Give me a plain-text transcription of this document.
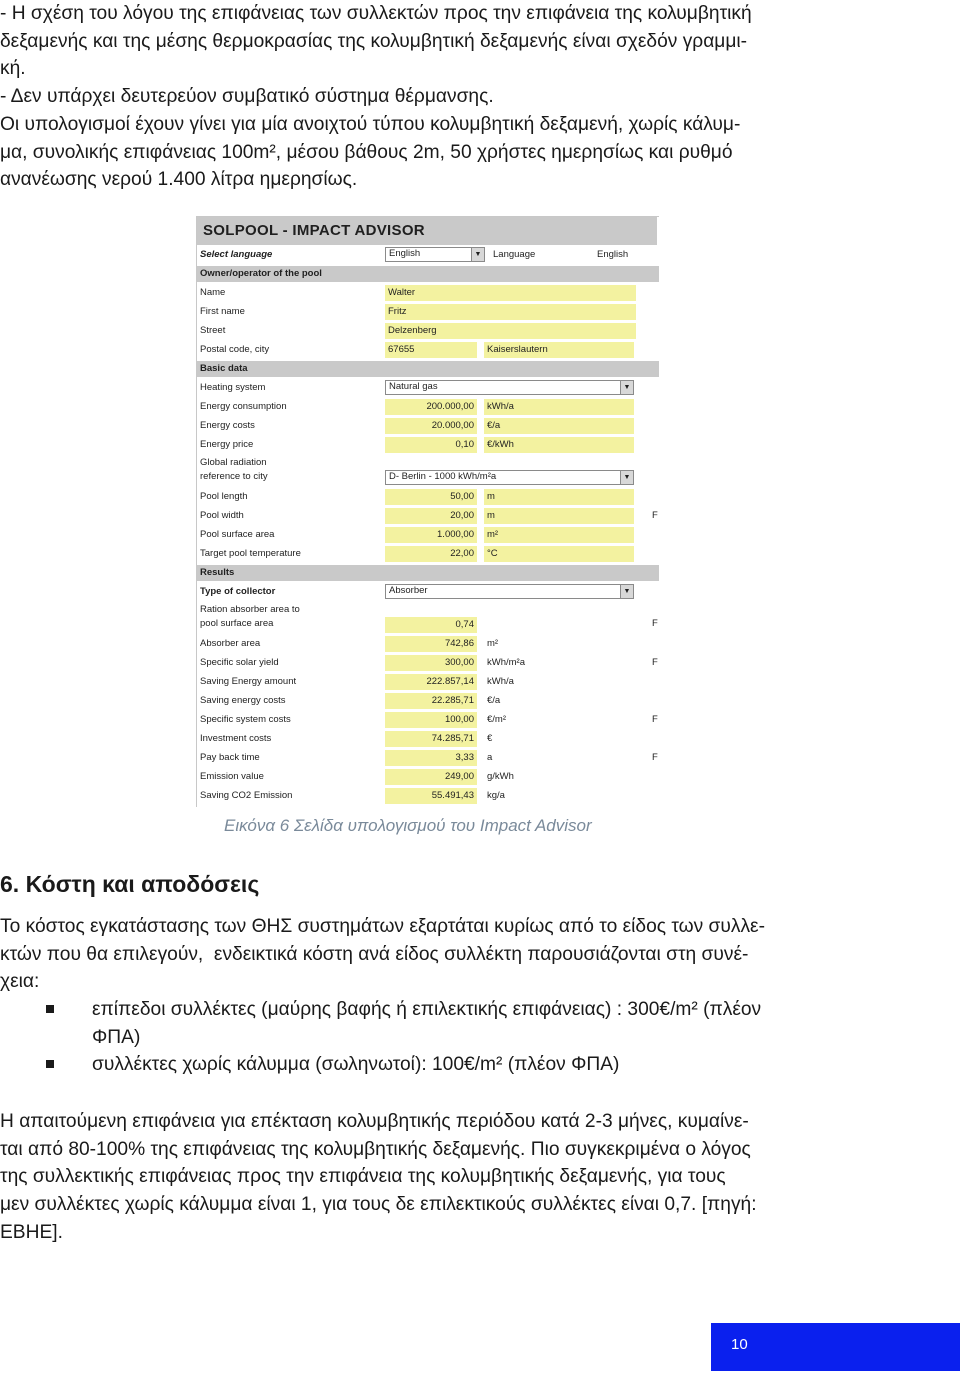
- Η σχέση του λόγου της επιφάνειας των συλλεκτών προς την επιφάνεια της κολυμβητική
δεξαμενής και της μέσης θερμοκρασίας της κολυμβητική δεξαμενής είναι σχεδόν γραμμι-
κή.
- Δεν υπάρχει δευτερεύον συμβατικό σύστημα θέρμανσης.
Οι υπολογισμοί έχουν γίνει για μία ανοιχτού τύπου κολυμβητική δεξαμενή, χωρίς κάλυμ-
μα, συνολικής επιφάνειας 100m², μέσου βάθους 2m, 50 χρήστες ημερησίως και ρυθμό
ανανέωσης νερού 1.400 λίτρα ημερησίως.
SOLPOOL - IMPACT ADVISOR
Select language	English	▼ Language	English
Owner/operator of the pool
Name	Walter
First name	Fritz
Street	Delzenberg
Postal code, city	67655	Kaiserslautern
Basic data
Heating system	Natural gas	▼
Energy consumption	200.000,00	kWh/a
Energy costs	20.000,00	€/a
Energy price	0,10	€/kWh
Global radiation
reference to city	D- Berlin - 1000 kWh/m²a	▼
Pool length	50,00	m
Pool width	20,00	m	F
Pool surface area	1.000,00	m²
Target pool temperature	22,00	°C
Results
Type of collector	Absorber	▼
Ration absorber area to
pool surface area	0,74	F
Absorber area	742,86	m²
Specific solar yield	300,00	kWh/m²a	F
Saving Energy amount	222.857,14	kWh/a
Saving energy costs	22.285,71	€/a
Specific system costs	100,00	€/m²	F
Investment costs	74.285,71	€
Pay back time	3,33	a	F
Emission value	249,00	g/kWh
Saving CO2 Emission	55.491,43	kg/a
Εικόνα 6 Σελίδα υπολογισμού του Impact Advisor
6. Κόστη και αποδόσεις
Το κόστος εγκατάστασης των ΘΗΣ συστημάτων εξαρτάται κυρίως από το είδος των συλλε-
κτών που θα επιλεγούν,  ενδεικτικά κόστη ανά είδος συλλέκτη παρουσιάζονται στη συνέ-
χεια:
επίπεδοι συλλέκτες (μαύρης βαφής ή επιλεκτικής επιφάνειας) : 300€/m² (πλέον
ΦΠΑ)
συλλέκτες χωρίς κάλυμμα (σωληνωτοί): 100€/m² (πλέον ΦΠΑ)
Η απαιτούμενη επιφάνεια για επέκταση κολυμβητικής περιόδου κατά 2-3 μήνες, κυμαίνε-
ται από 80-100% της επιφάνειας της κολυμβητικής δεξαμενής. Πιο συγκεκριμένα ο λόγος
της συλλεκτικής επιφάνειας προς την επιφάνεια της κολυμβητικής δεξαμενής, για τους
μεν συλλέκτες χωρίς κάλυμμα είναι 1, για τους δε επιλεκτικούς συλλέκτες είναι 0,7. [πηγή:
ΕΒΗΕ].
10
